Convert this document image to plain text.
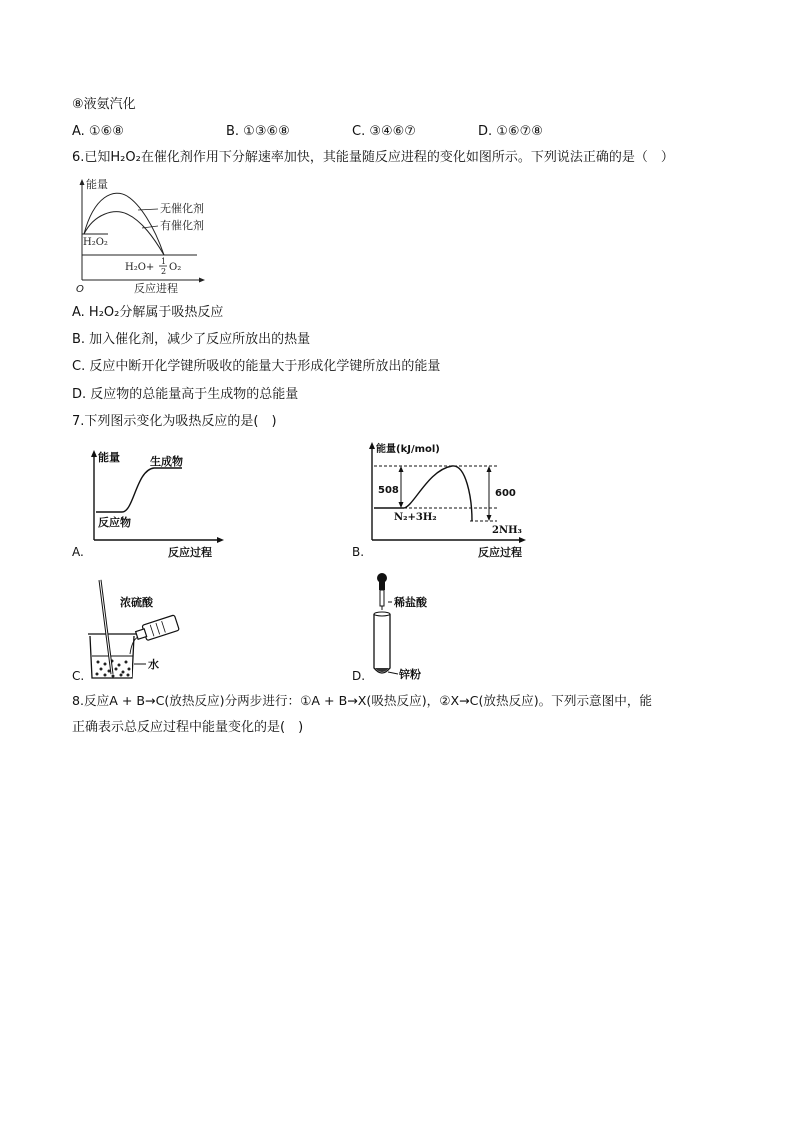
⑧液氨汽化
A. ①⑥⑧	B. ①③⑥⑧	C. ③④⑥⑦	D. ①⑥⑦⑧
6.已知H₂O₂在催化剂作用下分解速率加快，其能量随反应进程的变化如图所示。下列说法正确的是（　）
能量
O	反应进程
无催化剂
有催化剂
H₂O₂
H₂O+
1
2 O₂
A. H₂O₂分解属于吸热反应
B. 加入催化剂，减少了反应所放出的热量
C. 反应中断开化学键所吸收的能量大于形成化学键所放出的能量
D. 反应物的总能量高于生成物的总能量
7.下列图示变化为吸热反应的是(　)
能量	生成物
反应物
A.	反应过程
能量(kJ/mol)
508	600
N₂+3H₂
2NH₃
B.	反应过程
浓硫酸
水
C.
稀盐酸
锌粉
D.
8.反应A + B→C(放热反应)分两步进行：①A + B→X(吸热反应)，②X→C(放热反应)。下列示意图中，能
正确表示总反应过程中能量变化的是(　)
